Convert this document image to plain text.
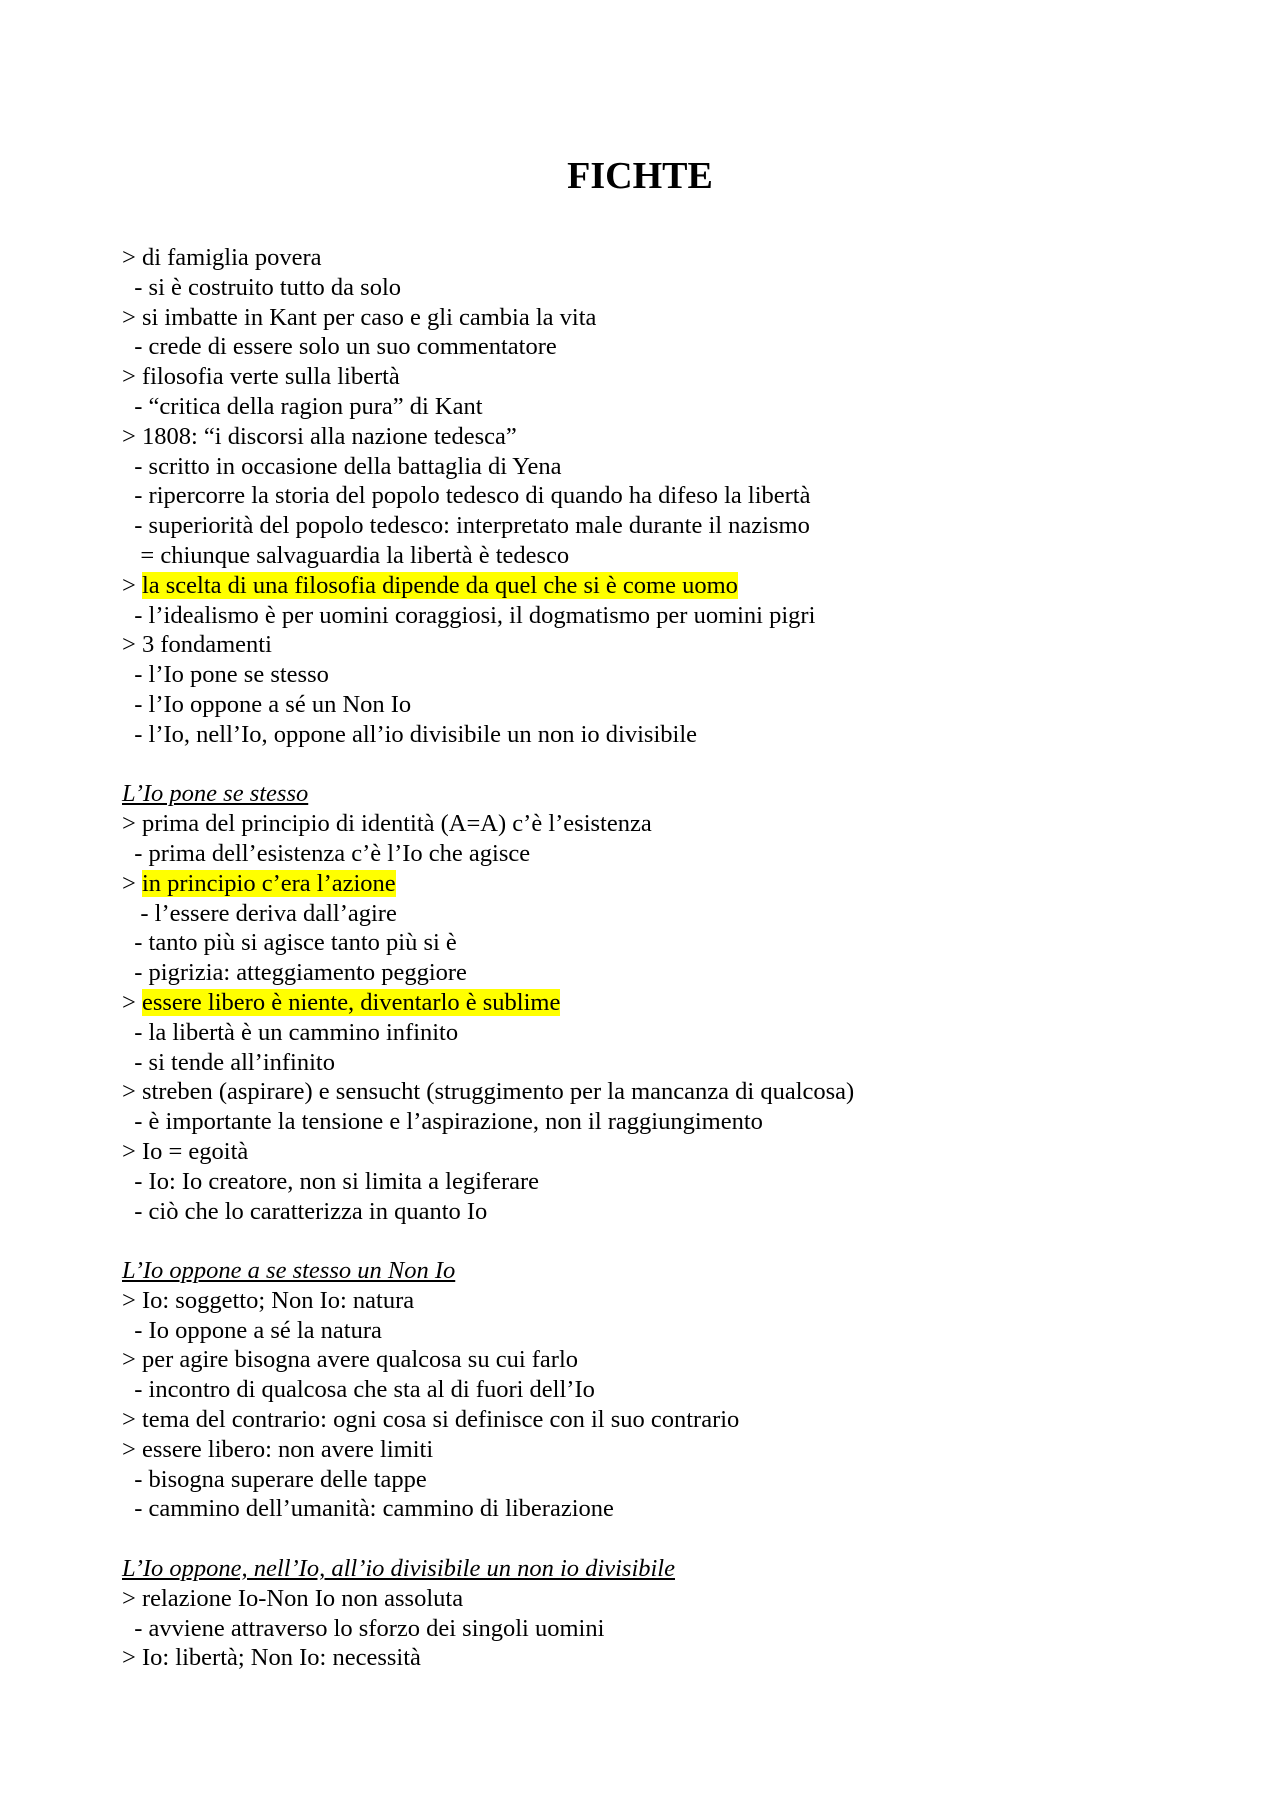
FICHTE
> di famiglia povera
- si è costruito tutto da solo
> si imbatte in Kant per caso e gli cambia la vita
- crede di essere solo un suo commentatore
> filosofia verte sulla libertà
- “critica della ragion pura” di Kant
> 1808: “i discorsi alla nazione tedesca”
- scritto in occasione della battaglia di Yena
- ripercorre la storia del popolo tedesco di quando ha difeso la libertà
- superiorità del popolo tedesco: interpretato male durante il nazismo
= chiunque salvaguardia la libertà è tedesco
> la scelta di una filosofia dipende da quel che si è come uomo
- l’idealismo è per uomini coraggiosi, il dogmatismo per uomini pigri
> 3 fondamenti
- l’Io pone se stesso
- l’Io oppone a sé un Non Io
- l’Io, nell’Io, oppone all’io divisibile un non io divisibile
L’Io pone se stesso
> prima del principio di identità (A=A) c’è l’esistenza
- prima dell’esistenza c’è l’Io che agisce
> in principio c’era l’azione
- l’essere deriva dall’agire
- tanto più si agisce tanto più si è
- pigrizia: atteggiamento peggiore
> essere libero è niente, diventarlo è sublime
- la libertà è un cammino infinito
- si tende all’infinito
> streben (aspirare) e sensucht (struggimento per la mancanza di qualcosa)
- è importante la tensione e l’aspirazione, non il raggiungimento
> Io = egoità
- Io: Io creatore, non si limita a legiferare
- ciò che lo caratterizza in quanto Io
L’Io oppone a se stesso un Non Io
> Io: soggetto; Non Io: natura
- Io oppone a sé la natura
> per agire bisogna avere qualcosa su cui farlo
- incontro di qualcosa che sta al di fuori dell’Io
> tema del contrario: ogni cosa si definisce con il suo contrario
> essere libero: non avere limiti
- bisogna superare delle tappe
- cammino dell’umanità: cammino di liberazione
L’Io oppone, nell’Io, all’io divisibile un non io divisibile
> relazione Io-Non Io non assoluta
- avviene attraverso lo sforzo dei singoli uomini
> Io: libertà; Non Io: necessità
